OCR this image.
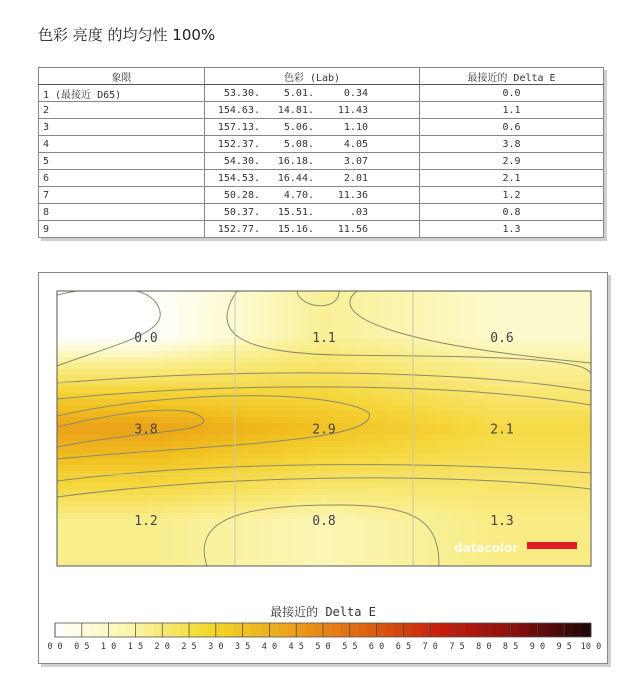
色彩 亮度 的均匀性 100%
象限	色彩 (Lab)	最接近的 Delta E
1 (最接近 D65)	53.30. 5.01. 0.34	0.0
2	154.63. 14.81. 11.43	1.1
3	157.13. 5.06. 1.10	0.6
4	152.37. 5.08. 4.05	3.8
5	54.30. 16.18. 3.07	2.9
6	154.53. 16.44. 2.01	2.1
7	50.28. 4.70. 11.36	1.2
8	50.37. 15.51. .03	0.8
9	152.77. 15.16. 11.56	1.3
0.0	1.1	0.6
3.8	2.9	2.1
1.2	0.8	1.3
datacolor
最接近的 Delta E
0 0 0 5 1 0 1 5 2 0 2 5 3 0 3 5 4 0 4 5 5 0 5 5 6 0 6 5 7 0 7 5 8 0 8 5 9 0 9 5 10 0
